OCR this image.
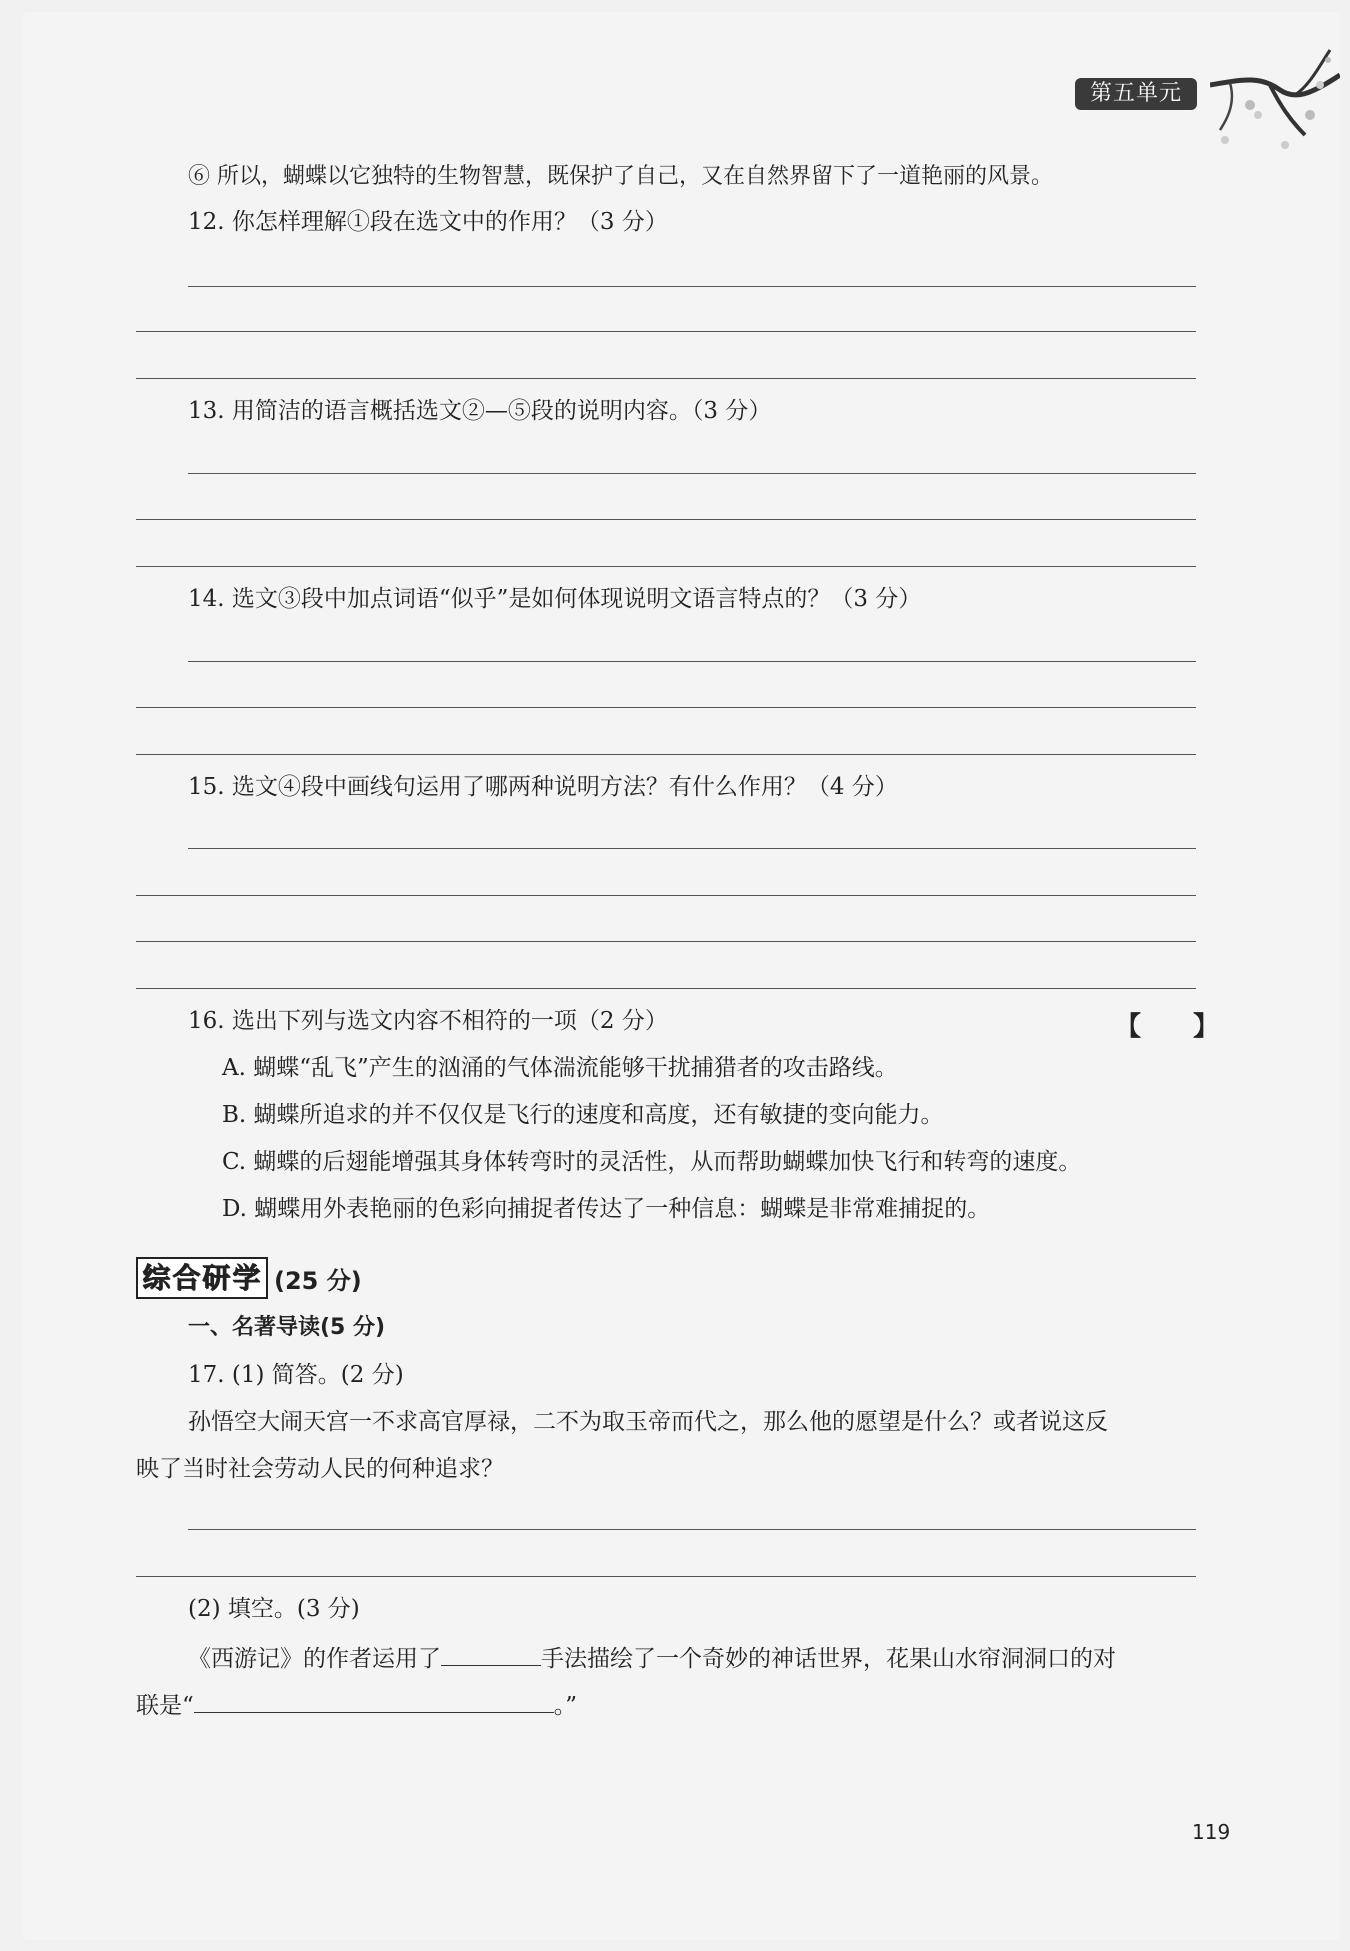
第五单元
⑥ 所以，蝴蝶以它独特的生物智慧，既保护了自己，又在自然界留下了一道艳丽的风景。
12. 你怎样理解①段在选文中的作用？（3 分）
13. 用简洁的语言概括选文②—⑤段的说明内容。（3 分）
14. 选文③段中加点词语“似乎”是如何体现说明文语言特点的？（3 分）
15. 选文④段中画线句运用了哪两种说明方法？有什么作用？（4 分）
16. 选出下列与选文内容不相符的一项（2 分）	【　　】
A. 蝴蝶“乱飞”产生的汹涌的气体湍流能够干扰捕猎者的攻击路线。
B. 蝴蝶所追求的并不仅仅是飞行的速度和高度，还有敏捷的变向能力。
C. 蝴蝶的后翅能增强其身体转弯时的灵活性，从而帮助蝴蝶加快飞行和转弯的速度。
D. 蝴蝶用外表艳丽的色彩向捕捉者传达了一种信息：蝴蝶是非常难捕捉的。
综合研学 (25 分)
一、名著导读(5 分)
17. (1) 简答。(2 分)
孙悟空大闹天宫一不求高官厚禄，二不为取玉帝而代之，那么他的愿望是什么？或者说这反
映了当时社会劳动人民的何种追求？
(2) 填空。(3 分)
《西游记》的作者运用了	手法描绘了一个奇妙的神话世界，花果山水帘洞洞口的对
联是“	。”
119
